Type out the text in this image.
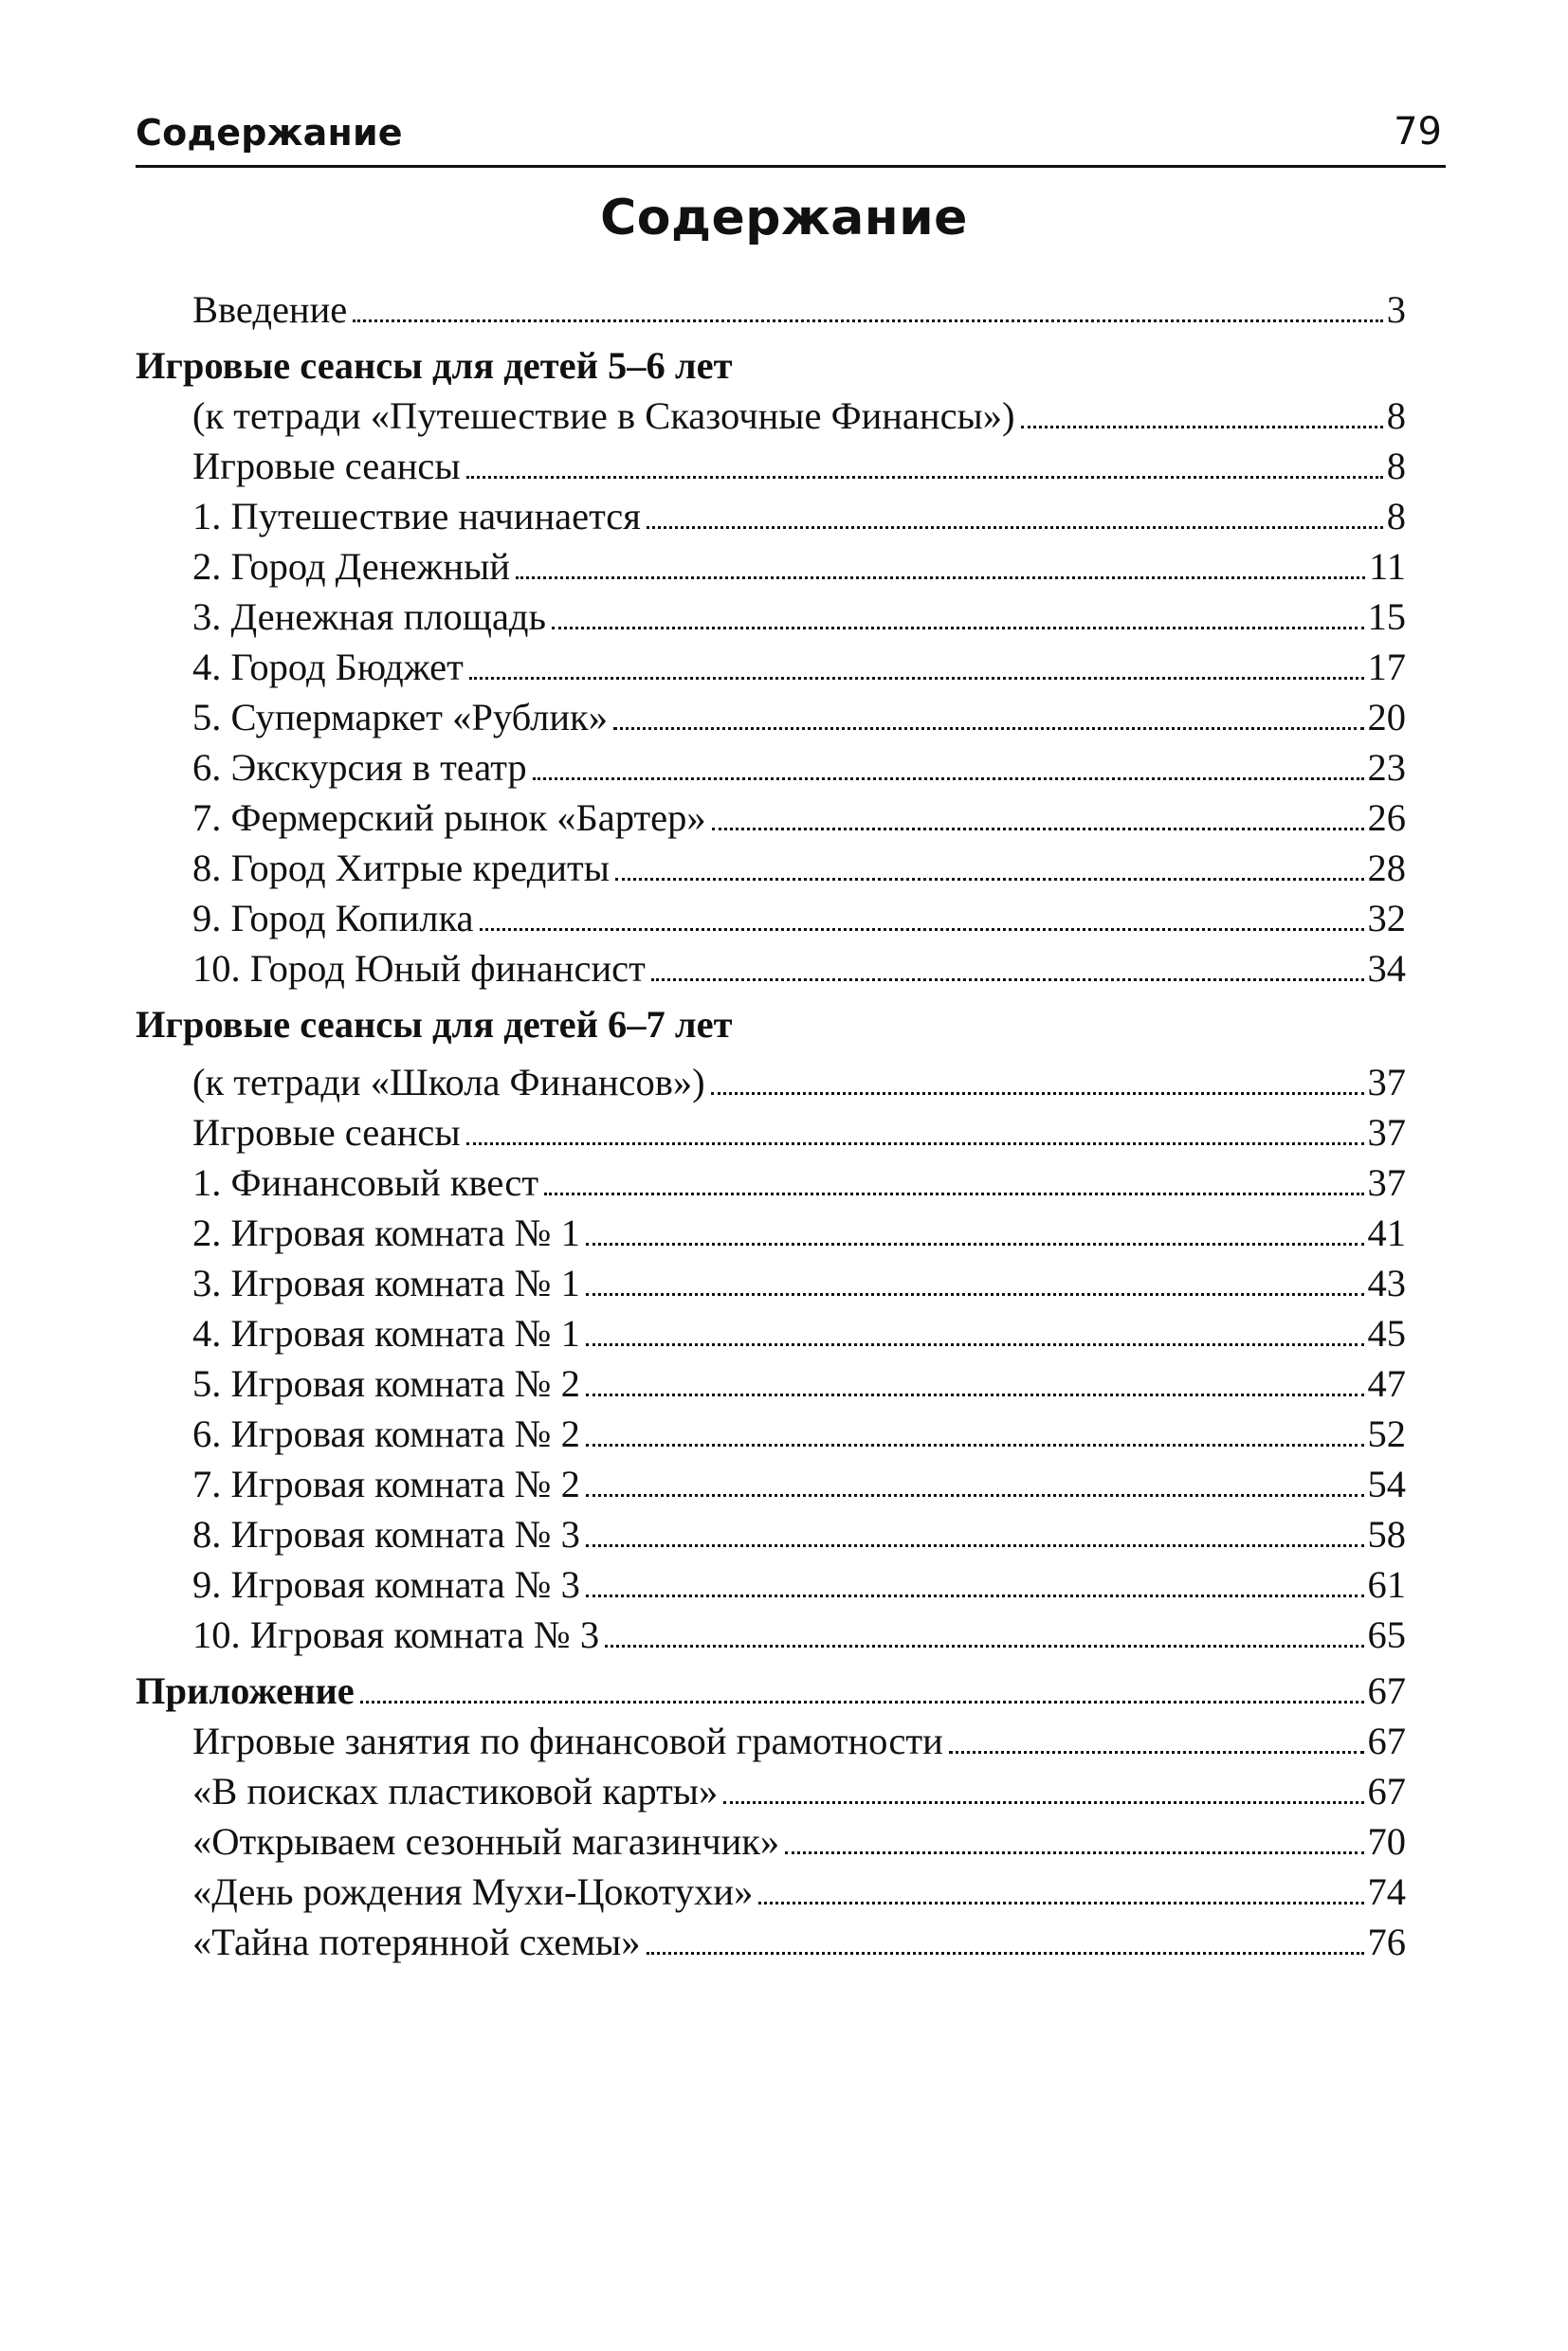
Содержание	79
Содержание
Введение	3
Игровые сеансы для детей 5–6 лет
(к тетради «Путешествие в Сказочные Финансы»)	8
Игровые сеансы	8
1. Путешествие начинается	8
2. Город Денежный	11
3. Денежная площадь	15
4. Город Бюджет	17
5. Супермаркет «Рублик»	20
6. Экскурсия в театр	23
7. Фермерский рынок «Бартер»	26
8. Город Хитрые кредиты	28
9. Город Копилка	32
10. Город Юный финансист	34
Игровые сеансы для детей 6–7 лет
(к тетради «Школа Финансов»)	37
Игровые сеансы	37
1. Финансовый квест	37
2. Игровая комната № 1	41
3. Игровая комната № 1	43
4. Игровая комната № 1	45
5. Игровая комната № 2	47
6. Игровая комната № 2	52
7. Игровая комната № 2	54
8. Игровая комната № 3	58
9. Игровая комната № 3	61
10. Игровая комната № 3	65
Приложение	67
Игровые занятия по финансовой грамотности	67
«В поисках пластиковой карты»	67
«Открываем сезонный магазинчик»	70
«День рождения Мухи-Цокотухи»	74
«Тайна потерянной схемы»	76
